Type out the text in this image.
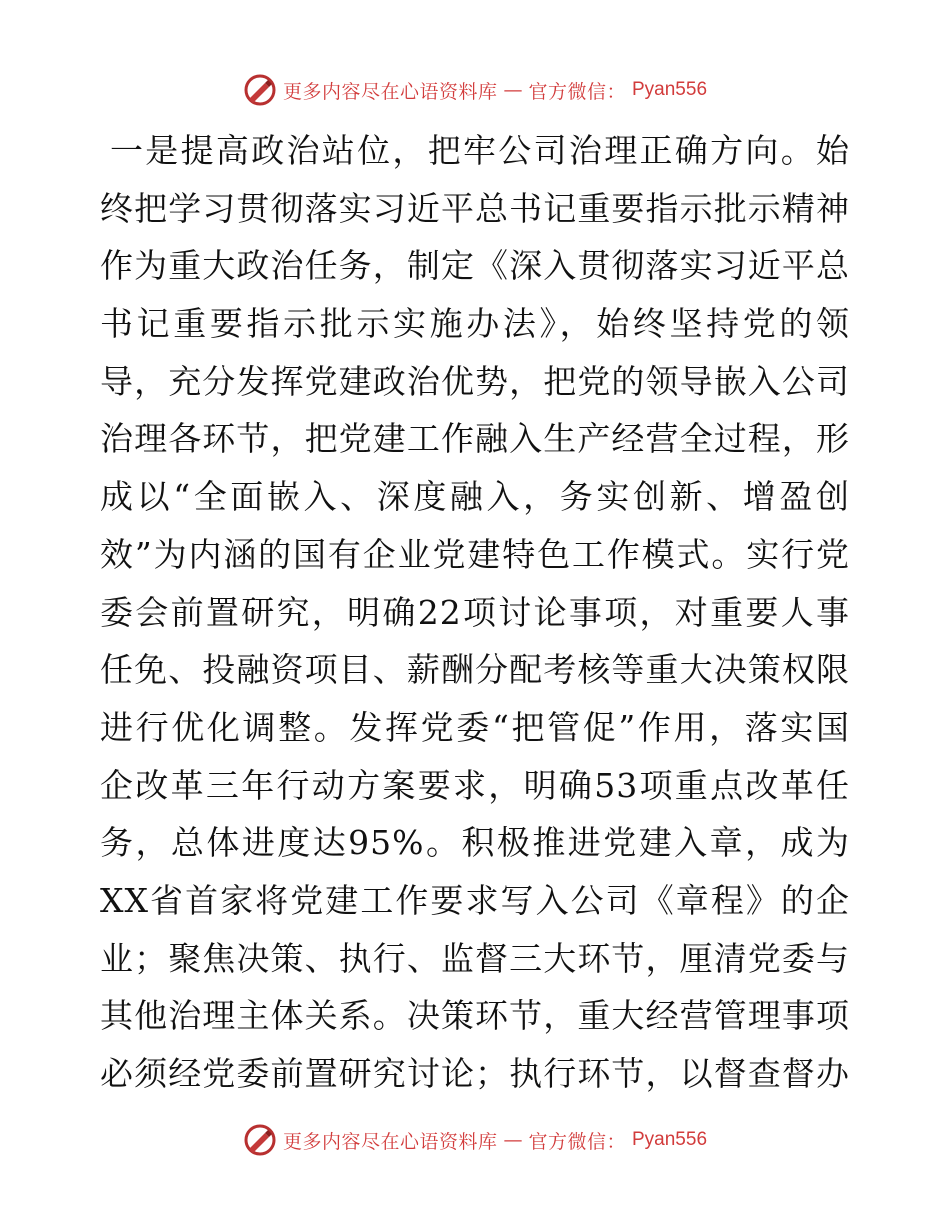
更多内容尽在心语资料库 — 官方微信： Pyan556
一是提高政治站位，把牢公司治理正确方向。始
终把学习贯彻落实习近平总书记重要指示批示精神
作为重大政治任务，制定《深入贯彻落实习近平总
书记重要指示批示实施办法》，始终坚持党的领
导，充分发挥党建政治优势，把党的领导嵌入公司
治理各环节，把党建工作融入生产经营全过程，形
成以“全面嵌入、深度融入，务实创新、增盈创
效”为内涵的国有企业党建特色工作模式。实行党
委会前置研究，明确22项讨论事项，对重要人事
任免、投融资项目、薪酬分配考核等重大决策权限
进行优化调整。发挥党委“把管促”作用，落实国
企改革三年行动方案要求，明确53项重点改革任
务，总体进度达95%。积极推进党建入章，成为
XX省首家将党建工作要求写入公司《章程》的企
业；聚焦决策、执行、监督三大环节，厘清党委与
其他治理主体关系。决策环节，重大经营管理事项
必须经党委前置研究讨论；执行环节，以督查督办
更多内容尽在心语资料库 — 官方微信： Pyan556
